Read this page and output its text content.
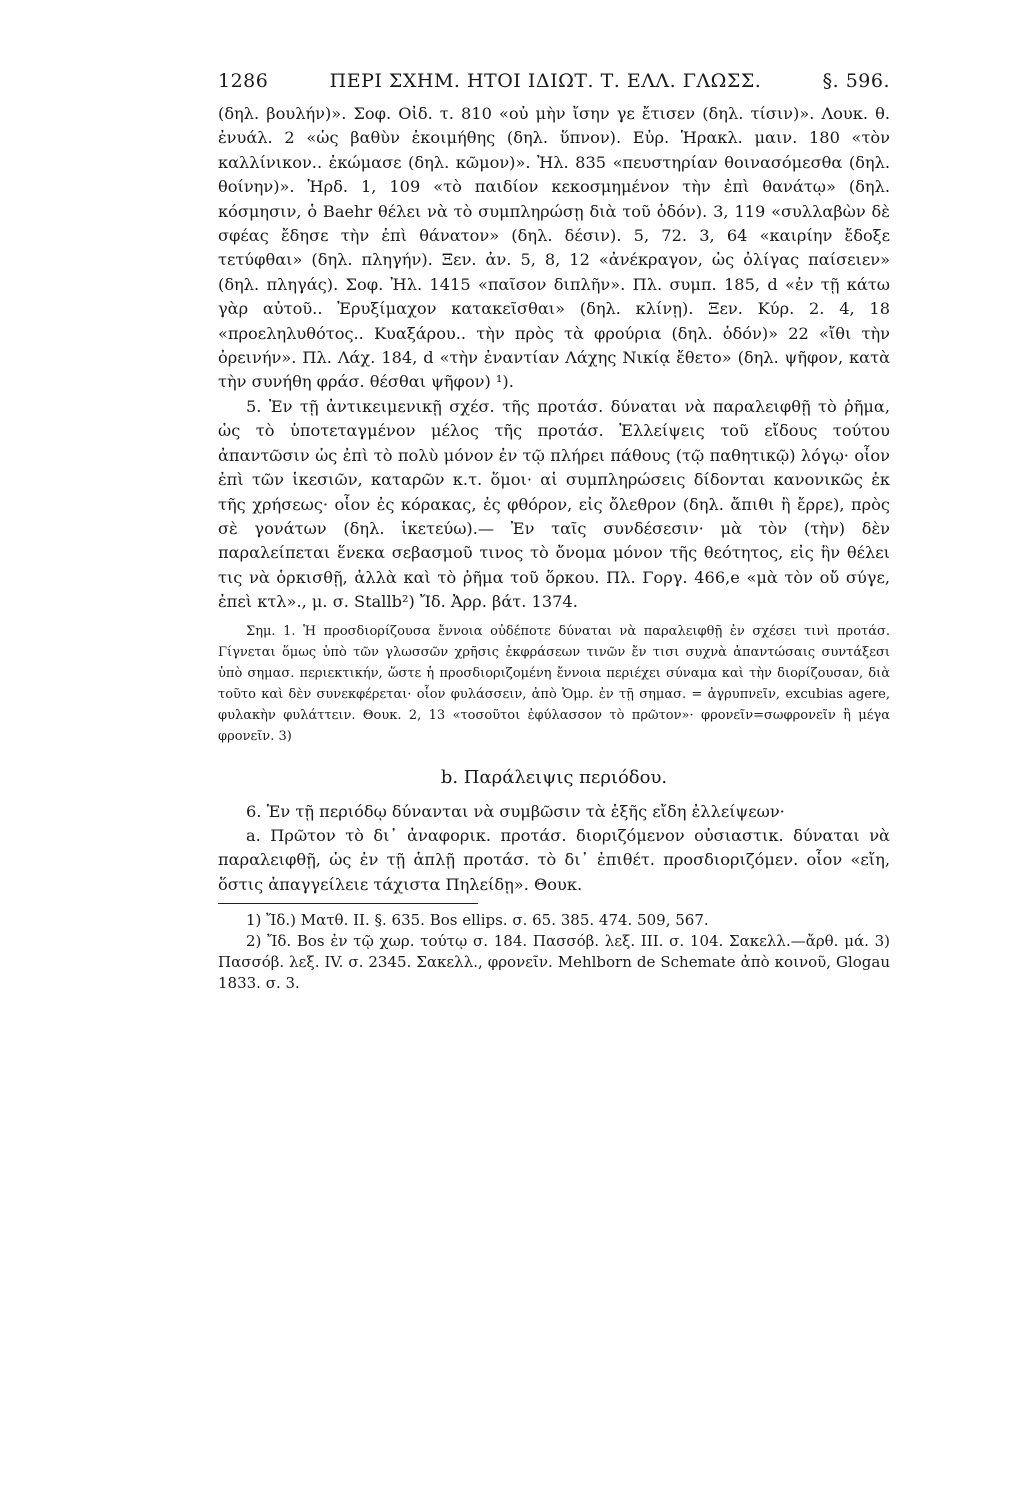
1286	ΠΕΡΙ ΣΧΗΜ. ΗΤΟΙ ΙΔΙΩΤ. Τ. ΕΛΛ. ΓΛΩΣΣ.	§. 596.

(δηλ. βουλήν)». Σοφ. Οἰδ. τ. 810 «οὐ μὴν ἴσην γε ἔτισεν (δηλ. τίσιν)». Λουκ. θ. ἐνυάλ. 2 «ὡς βαθὺν ἐκοιμήθης (δηλ. ὕπνον). Εὐρ. Ἡρακλ. μαιν. 180 «τὸν καλλίνικον.. ἐκώμασε (δηλ. κῶμον)». Ἠλ. 835 «πευστηρίαν θοινασόμεσθα (δηλ. θοίνην)». Ἡρδ. 1, 109 «τὸ παιδίον κεκοσμημένον τὴν ἐπὶ θανάτῳ» (δηλ. κόσμησιν, ὁ Baehr θέλει νὰ τὸ συμπληρώσῃ διὰ τοῦ ὁδόν). 3, 119 «συλλαβὼν δὲ σφέας ἔδησε τὴν ἐπὶ θάνατον» (δηλ. δέσιν). 5, 72. 3, 64 «καιρίην ἔδοξε τετύφθαι» (δηλ. πληγήν). Ξεν. ἀν. 5, 8, 12 «ἀνέκραγον, ὡς ὀλίγας παίσειεν» (δηλ. πληγάς). Σοφ. Ἠλ. 1415 «παῖσον διπλῆν». Πλ. συμπ. 185, d «ἐν τῇ κάτω γὰρ αὐτοῦ.. Ἐρυξίμαχον κατακεῖσθαι» (δηλ. κλίνῃ). Ξεν. Κύρ. 2. 4, 18 «προεληλυθότος.. Κυαξάρου.. τὴν πρὸς τὰ φρούρια (δηλ. ὁδόν)» 22 «ἴθι τὴν ὀρεινήν». Πλ. Λάχ. 184, d «τὴν ἐναντίαν Λάχης Νικίᾳ ἔθετο» (δηλ. ψῆφον, κατὰ τὴν συνήθη φράσ. θέσθαι ψῆφον) ¹).

5. Ἐν τῇ ἀντικειμενικῇ σχέσ. τῆς προτάσ. δύναται νὰ παραλειφθῇ τὸ ῥῆμα, ὡς τὸ ὑποτεταγμένον μέλος τῆς προτάσ. Ἐλλείψεις τοῦ εἴδους τούτου ἀπαντῶσιν ὡς ἐπὶ τὸ πολὺ μόνον ἐν τῷ πλήρει πάθους (τῷ παθητικῷ) λόγῳ· οἷον ἐπὶ τῶν ἱκεσιῶν, καταρῶν κ.τ. ὅμοι· αἱ συμπληρώσεις δίδονται κανονικῶς ἐκ τῆς χρήσεως· οἷον ἐς κόρακας, ἐς φθόρον, εἰς ὄλεθρον (δηλ. ἄπιθι ἢ ἔρρε), πρὸς σὲ γονάτων (δηλ. ἱκετεύω).— Ἐν ταῖς συνδέσεσιν· μὰ τὸν (τὴν) δὲν παραλείπεται ἕνεκα σεβασμοῦ τινος τὸ ὄνομα μόνον τῆς θεότητος, εἰς ἣν θέλει τις νὰ ὁρκισθῇ, ἀλλὰ καὶ τὸ ῥῆμα τοῦ ὅρκου. Πλ. Γοργ. 466,e «μὰ τὸν οὔ σύγε, ἐπεὶ κτλ»., μ. σ. Stallb²) Ἴδ. Ἀρρ. βάτ. 1374.

Σημ. 1. Ἡ προσδιορίζουσα ἔννοια οὐδέποτε δύναται νὰ παραλειφθῇ ἐν σχέσει τινὶ προτάσ. Γίγνεται ὅμως ὑπὸ τῶν γλωσσῶν χρῆσις ἐκφράσεων τινῶν ἔν τισι συχνὰ ἀπαντώσαις συντάξεσι ὑπὸ σημασ. περιεκτικήν, ὥστε ἡ προσδιοριζομένη ἔννοια περιέχει σύναμα καὶ τὴν διορίζουσαν, διὰ τοῦτο καὶ δὲν συνεκφέρεται· οἷον φυλάσσειν, ἀπὸ Ὁμρ. ἐν τῇ σημασ. = ἀγρυπνεῖν, excubias agere, φυλακὴν φυλάττειν. Θουκ. 2, 13 «τοσοῦτοι ἐφύλασσον τὸ πρῶτον»· φρονεῖν=σωφρονεῖν ἢ μέγα φρονεῖν. 3)

b. Παράλειψις περιόδου.

6. Ἐν τῇ περιόδῳ δύνανται νὰ συμβῶσιν τὰ ἑξῆς εἴδη ἐλλείψεων·

a. Πρῶτον τὸ δι᾽ ἀναφορικ. προτάσ. διοριζόμενον οὐσιαστικ. δύναται νὰ παραλειφθῇ, ὡς ἐν τῇ ἁπλῇ προτάσ. τὸ δι᾽ ἐπιθέτ. προσδιοριζόμεν. οἷον «εἴη, ὅστις ἀπαγγείλειε τάχιστα Πηλείδῃ». Θουκ.

1) Ἴδ.) Ματθ. II. §. 635. Bos ellips. σ. 65. 385. 474. 509, 567.

2) Ἴδ. Bos ἐν τῷ χωρ. τούτῳ σ. 184. Πασσόβ. λεξ. III. σ. 104. Σακελλ.—ἄρθ. μά. 3) Πασσόβ. λεξ. IV. σ. 2345. Σακελλ., φρονεῖν. Mehlborn de Schemate ἀπὸ κοινοῦ, Glogau 1833. σ. 3.
